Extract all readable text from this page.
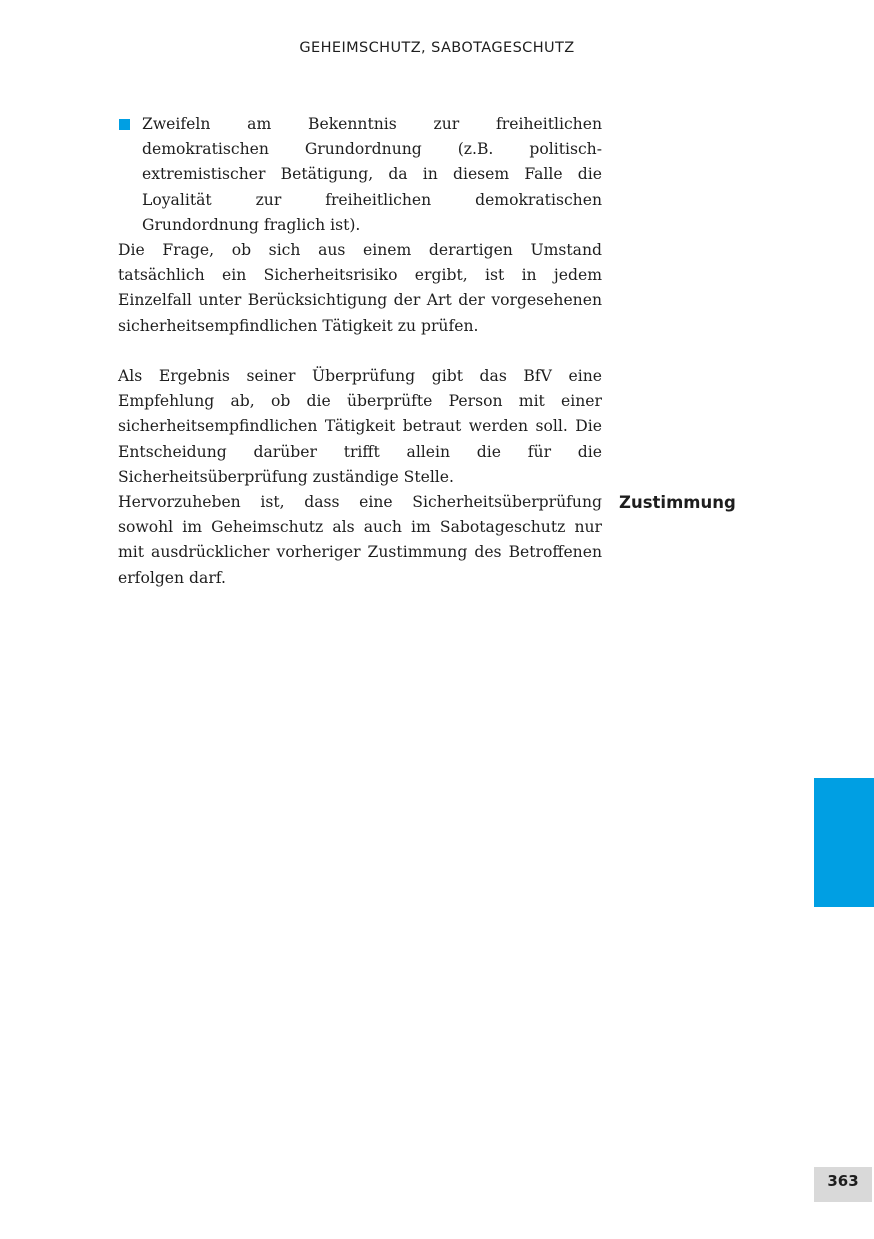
GEHEIMSCHUTZ, SABOTAGESCHUTZ
Zweifeln am Bekenntnis zur freiheitlichen demokratischen Grundordnung (z.B. politisch-extremistischer Betätigung, da in diesem Falle die Loyalität zur freiheitlichen demokratischen Grundordnung fraglich ist).
Die Frage, ob sich aus einem derartigen Umstand tatsächlich ein Sicherheitsrisiko ergibt, ist in jedem Einzelfall unter Berücksichtigung der Art der vorgesehenen sicherheitsempfindlichen Tätigkeit zu prüfen.
Als Ergebnis seiner Überprüfung gibt das BfV eine Empfehlung ab, ob die überprüfte Person mit einer sicherheitsempfindlichen Tätigkeit betraut werden soll. Die Entscheidung darüber trifft allein die für die Sicherheitsüberprüfung zuständige Stelle.
Hervorzuheben ist, dass eine Sicherheitsüberprüfung sowohl im Geheimschutz als auch im Sabotageschutz nur mit ausdrücklicher vorheriger Zustimmung des Betroffenen erfolgen darf.
Zustimmung
363
